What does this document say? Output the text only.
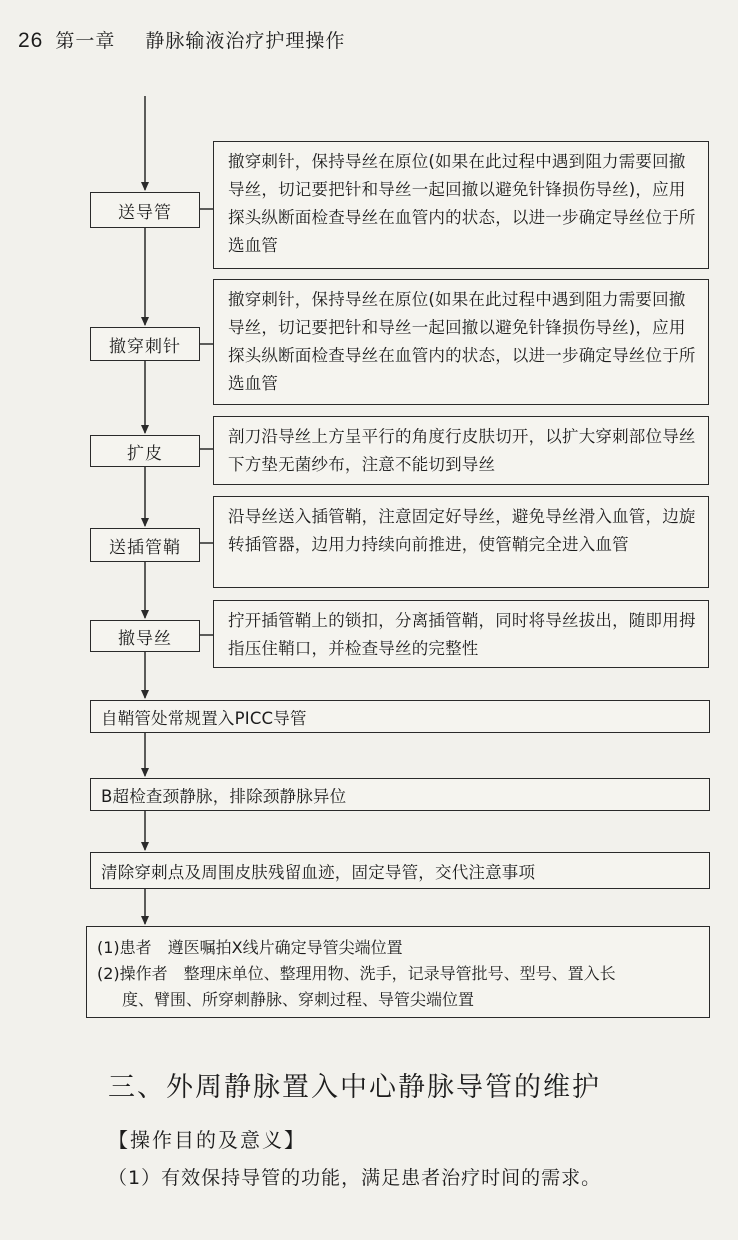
26 第一章 静脉输液治疗护理操作
送导管
撤穿刺针，保持导丝在原位(如果在此过程中遇到阻力需要回撤导丝，切记要把针和导丝一起回撤以避免针锋损伤导丝)，应用探头纵断面检查导丝在血管内的状态，以进一步确定导丝位于所选血管
撤穿刺针
撤穿刺针，保持导丝在原位(如果在此过程中遇到阻力需要回撤导丝，切记要把针和导丝一起回撤以避免针锋损伤导丝)，应用探头纵断面检查导丝在血管内的状态，以进一步确定导丝位于所选血管
扩皮
剖刀沿导丝上方呈平行的角度行皮肤切开，以扩大穿刺部位导丝下方垫无菌纱布，注意不能切到导丝
送插管鞘
沿导丝送入插管鞘，注意固定好导丝，避免导丝滑入血管，边旋转插管器，边用力持续向前推进，使管鞘完全进入血管
撤导丝
拧开插管鞘上的锁扣，分离插管鞘，同时将导丝拔出，随即用拇指压住鞘口，并检查导丝的完整性
自鞘管处常规置入PICC导管
B超检查颈静脉，排除颈静脉异位
清除穿刺点及周围皮肤残留血迹，固定导管，交代注意事项
(1)患者　遵医嘱拍X线片确定导管尖端位置
(2)操作者　整理床单位、整理用物、洗手，记录导管批号、型号、置入长
度、臂围、所穿刺静脉、穿刺过程、导管尖端位置
三、外周静脉置入中心静脉导管的维护
【操作目的及意义】
（1）有效保持导管的功能，满足患者治疗时间的需求。
